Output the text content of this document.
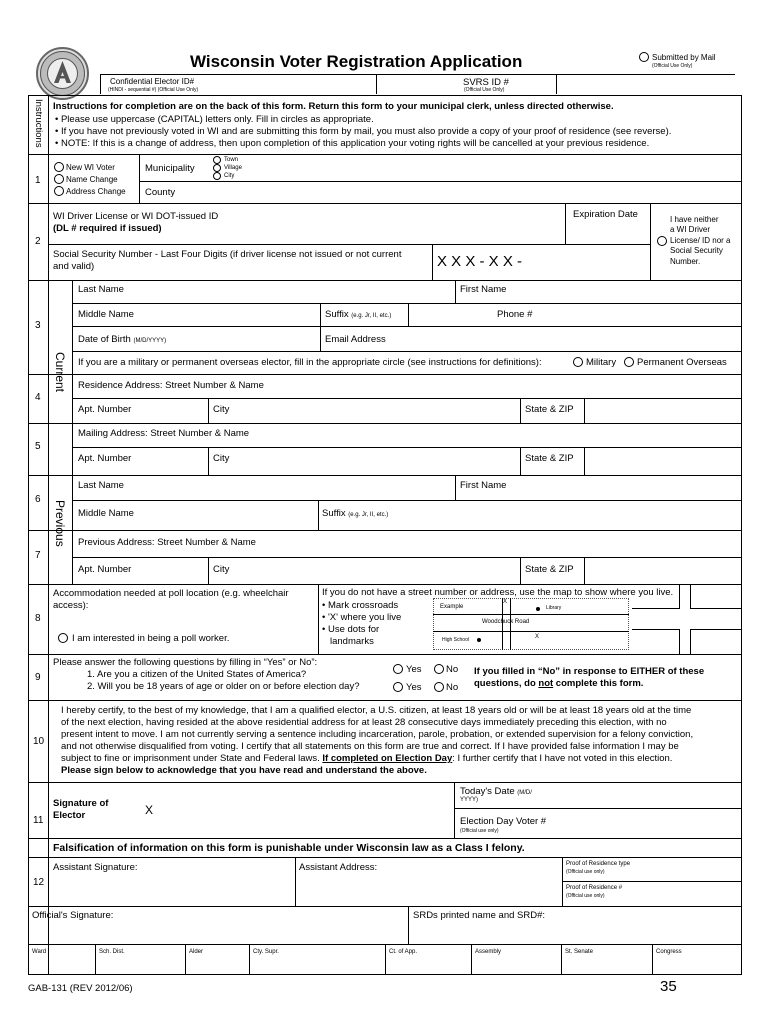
Wisconsin Voter Registration Application	Submitted by Mail
(Official Use Only)
Confidential Elector ID#
(HINDI - sequential #) (Official Use Only)
SVRS ID #
(Official Use Only)
Instructions Instructions for completion are on the back of this form. Return this form to your municipal clerk, unless directed otherwise.
• Please use uppercase (CAPITAL) letters only. Fill in circles as appropriate.
• If you have not previously voted in WI and are submitting this form by mail, you must also provide a copy of your proof of residence (see reverse).
• NOTE: If this is a change of address, then upon completion of this application your voting rights will be cancelled at your previous residence.
1
New WI Voter
Name Change
Address Change
Municipality
Town
Village
City
County
2
WI Driver License or WI DOT-issued ID
(DL # required if issued)
Expiration Date	I have neither
a WI Driver
License/ ID nor a
Social Security
Number.
Social Security Number - Last Four Digits (if driver license not issued or not current
and valid)	X X X - X X -
Current
3
Last Name	First Name
Middle Name	Suffix (e.g. Jr, II, etc.)	Phone #
Date of Birth (M/D/YYYY)	Email Address
If you are a military or permanent overseas elector, fill in the appropriate circle (see instructions for definitions):	Military Permanent Overseas
4
Residence Address: Street Number & Name
Apt. Number	City	State & ZIP
5
Mailing Address: Street Number & Name
Apt. Number	City	State & ZIP
Previous
6
Last Name	First Name
Middle Name	Suffix (e.g. Jr, II, etc.)
7
Previous Address: Street Number & Name
Apt. Number	City	State & ZIP
8
Accommodation needed at poll location (e.g. wheelchair
access):
I am interested in being a poll worker.
If you do not have a street number or address, use the map to show where you live.
• Mark crossroads
• 'X' where you live
• Use dots for
landmarks
Example
X
Library
Woodchuck Road
High School	X
9
Please answer the following questions by filling in “Yes” or No”:
1. Are you a citizen of the United States of America?
2. Will you be 18 years of age or older on or before election day?
Yes	No
Yes	No
If you filled in “No” in response to EITHER of these
questions, do not complete this form.
10
I hereby certify, to the best of my knowledge, that I am a qualified elector, a U.S. citizen, at least 18 years old or will be at least 18 years old at the time
of the next election, having resided at the above residential address for at least 28 consecutive days immediately preceding this election, with no
present intent to move. I am not currently serving a sentence including incarceration, parole, probation, or extended supervision for a felony conviction,
and not otherwise disqualified from voting. I certify that all statements on this form are true and correct. If I have provided false information I may be
subject to fine or imprisonment under State and Federal laws. If completed on Election Day: I further certify that I have not voted in this election.
Please sign below to acknowledge that you have read and understand the above.
11
Signature of
Elector	X
Today's Date (M/D/
YYYY)
Election Day Voter #
(Official use only)
Falsification of information on this form is punishable under Wisconsin law as a Class I felony.
12
Assistant Signature:	Assistant Address:	Proof of Residence type
(Official use only)
Proof of Residence #
(Official use only)
Official's Signature:	SRDs printed name and SRD#:
Ward	Sch. Dist.	Alder	Cty. Supr.	Ct. of App.	Assembly	St. Senate	Congress
GAB-131 (REV 2012/06)	35
